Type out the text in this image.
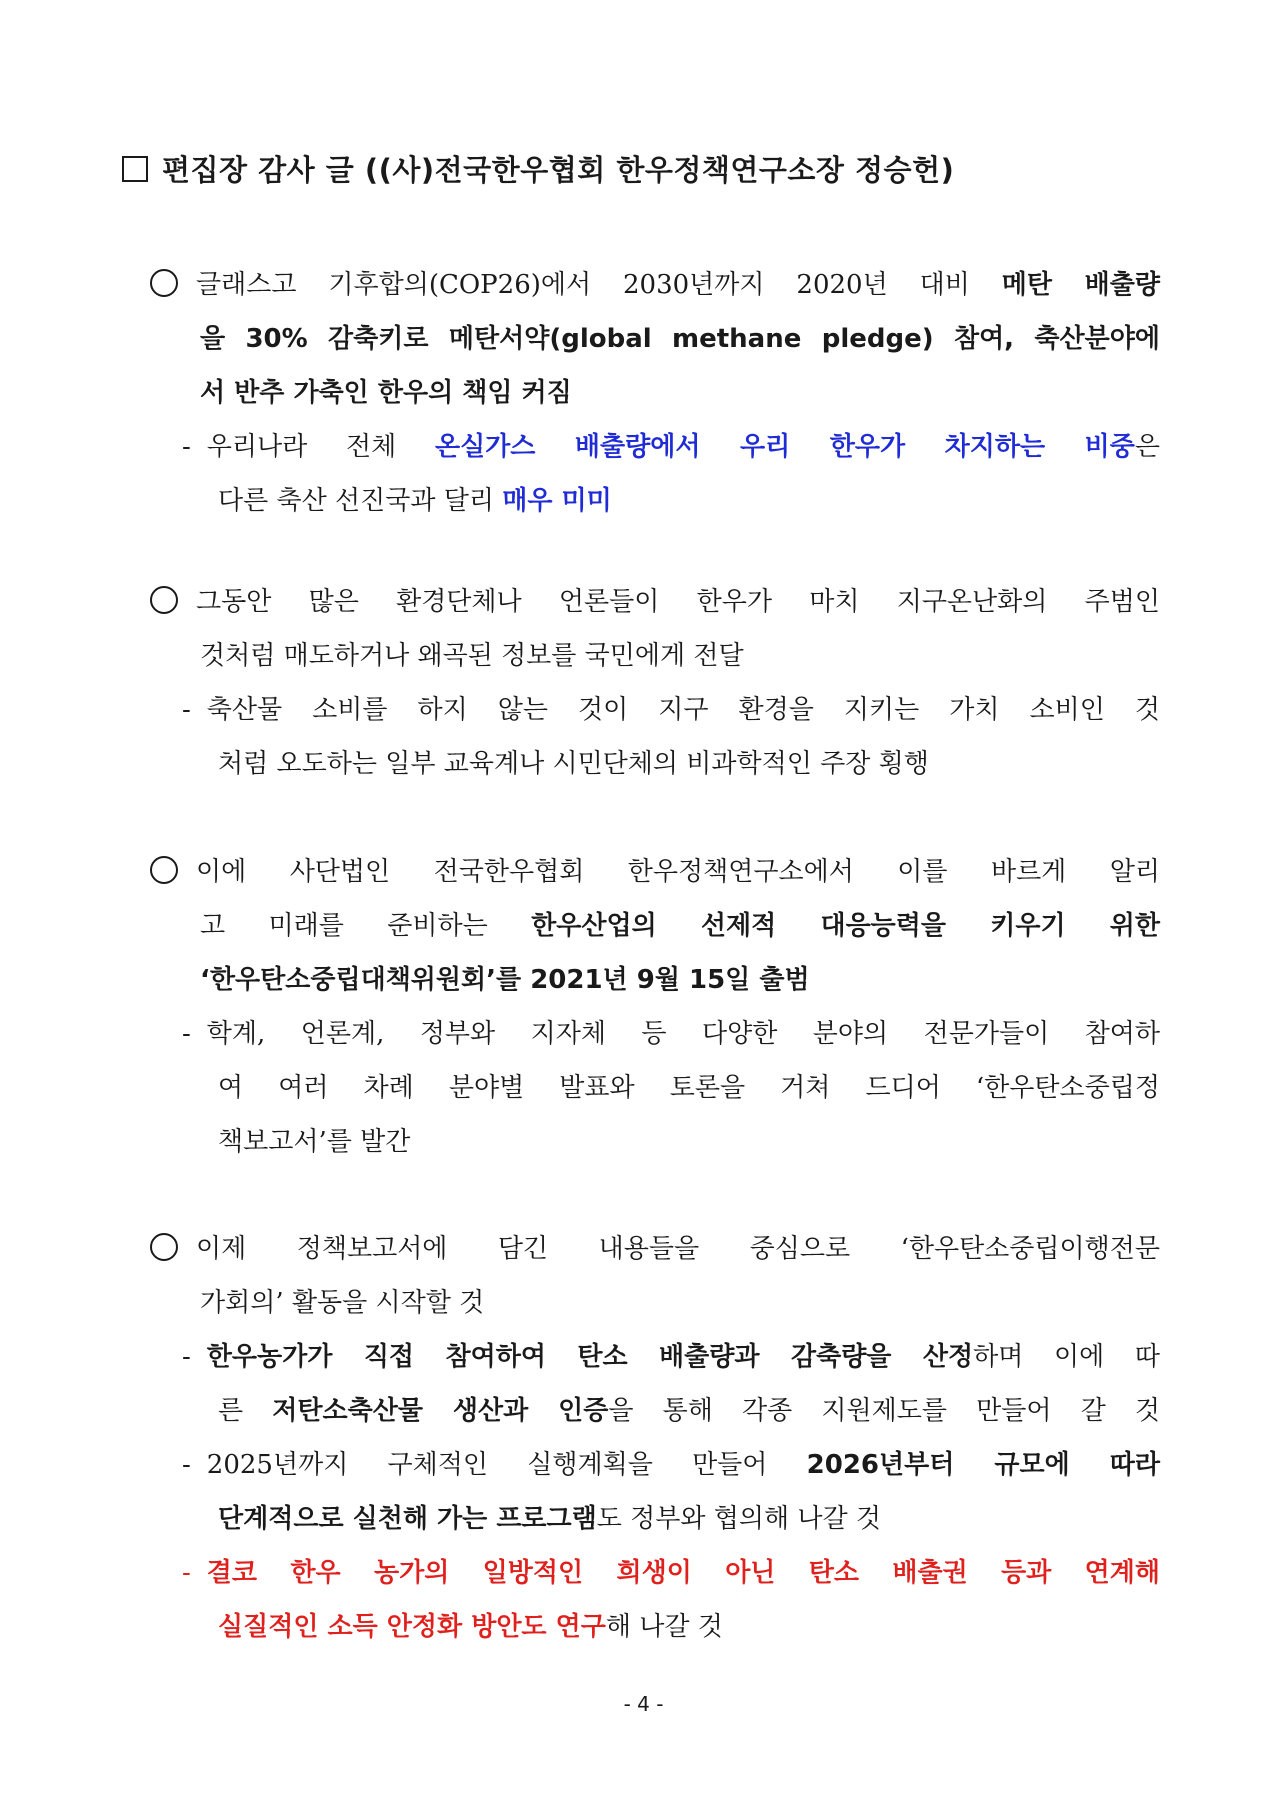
편집장 감사 글 ((사)전국한우협회 한우정책연구소장 정승헌)
글래스고 기후합의(COP26)에서 2030년까지 2020년 대비 메탄 배출량
을 30% 감축키로 메탄서약(global methane pledge) 참여, 축산분야에
서 반추 가축인 한우의 책임 커짐
- 우리나라 전체 온실가스 배출량에서 우리 한우가 차지하는 비중은
다른 축산 선진국과 달리 매우 미미
그동안 많은 환경단체나 언론들이 한우가 마치 지구온난화의 주범인
것처럼 매도하거나 왜곡된 정보를 국민에게 전달
- 축산물 소비를 하지 않는 것이 지구 환경을 지키는 가치 소비인 것
처럼 오도하는 일부 교육계나 시민단체의 비과학적인 주장 횡행
이에 사단법인 전국한우협회 한우정책연구소에서 이를 바르게 알리
고 미래를 준비하는 한우산업의 선제적 대응능력을 키우기 위한
‘한우탄소중립대책위원회’를 2021년 9월 15일 출범
- 학계, 언론계, 정부와 지자체 등 다양한 분야의 전문가들이 참여하
여 여러 차례 분야별 발표와 토론을 거쳐 드디어 ‘한우탄소중립정
책보고서’를 발간
이제 정책보고서에 담긴 내용들을 중심으로 ‘한우탄소중립이행전문
가회의’ 활동을 시작할 것
- 한우농가가 직접 참여하여 탄소 배출량과 감축량을 산정하며 이에 따
른 저탄소축산물 생산과 인증을 통해 각종 지원제도를 만들어 갈 것
- 2025년까지 구체적인 실행계획을 만들어 2026년부터 규모에 따라
단계적으로 실천해 가는 프로그램도 정부와 협의해 나갈 것
- 결코 한우 농가의 일방적인 희생이 아닌 탄소 배출권 등과 연계해
실질적인 소득 안정화 방안도 연구해 나갈 것
- 4 -
